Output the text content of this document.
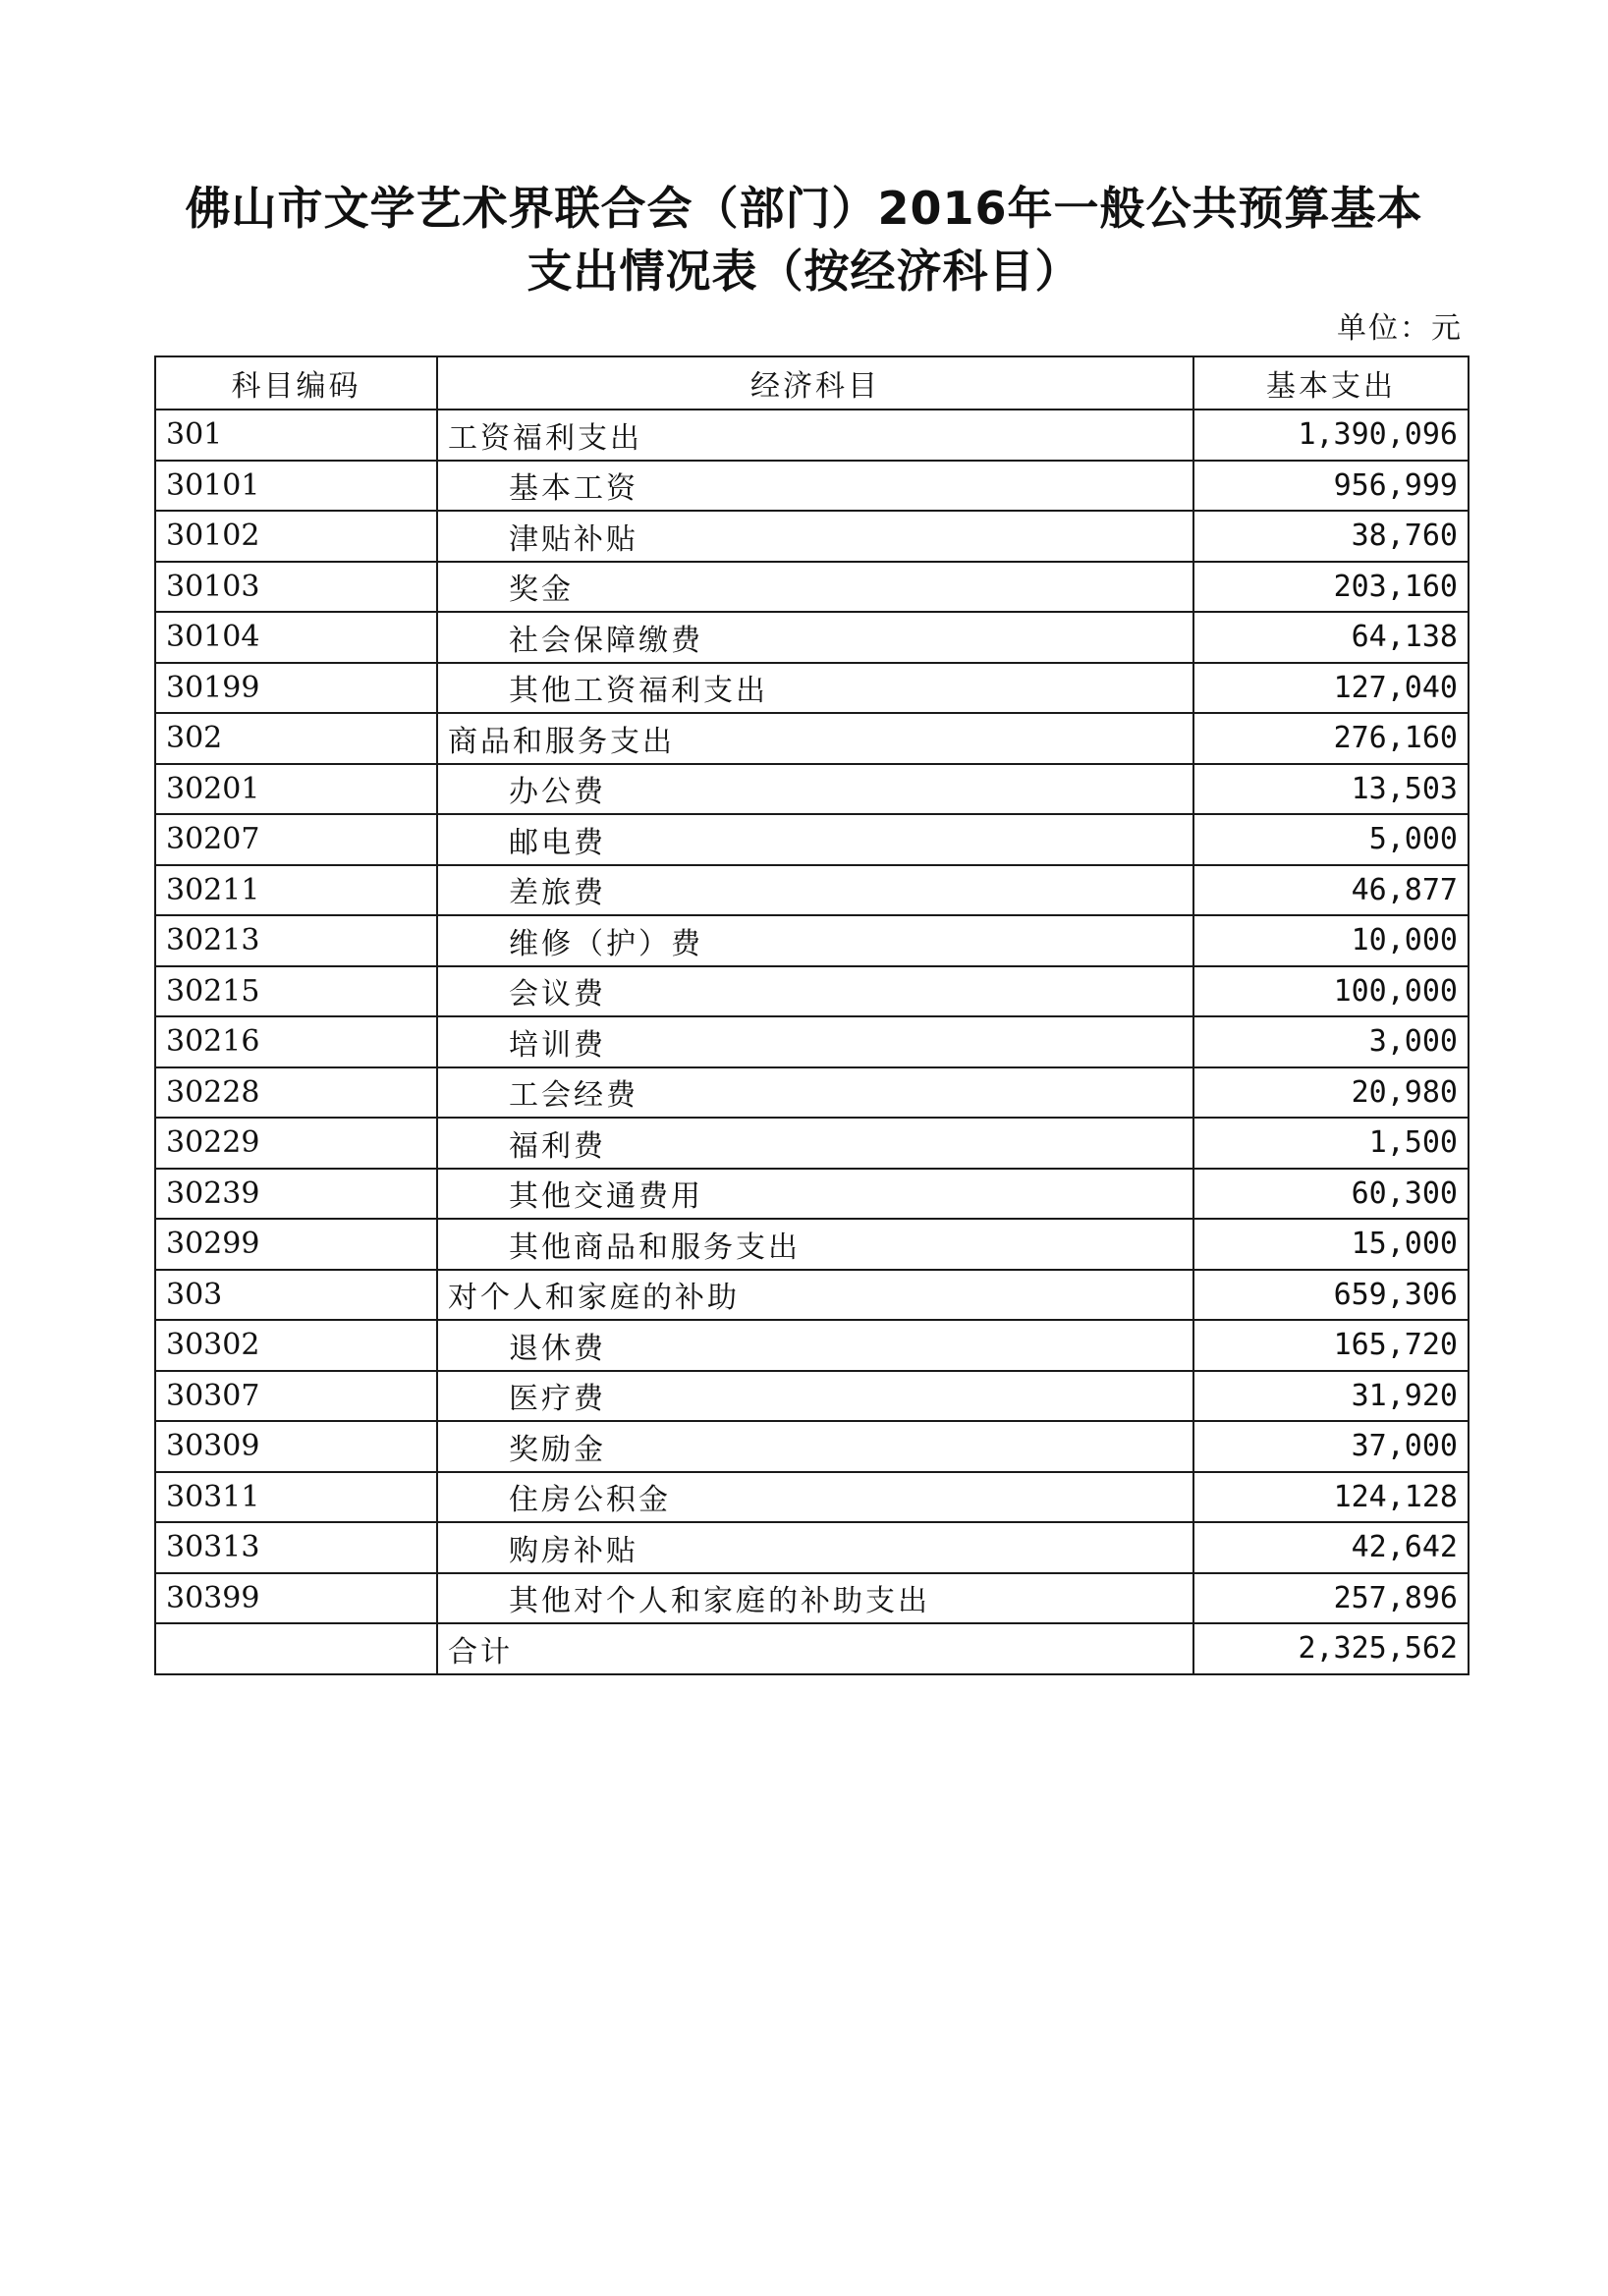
佛山市文学艺术界联合会（部门）2016年一般公共预算基本
支出情况表（按经济科目）
单位：元
科目编码	经济科目	基本支出
301	工资福利支出	1,390,096
30101	基本工资	956,999
30102	津贴补贴	38,760
30103	奖金	203,160
30104	社会保障缴费	64,138
30199	其他工资福利支出	127,040
302	商品和服务支出	276,160
30201	办公费	13,503
30207	邮电费	5,000
30211	差旅费	46,877
30213	维修（护）费	10,000
30215	会议费	100,000
30216	培训费	3,000
30228	工会经费	20,980
30229	福利费	1,500
30239	其他交通费用	60,300
30299	其他商品和服务支出	15,000
303	对个人和家庭的补助	659,306
30302	退休费	165,720
30307	医疗费	31,920
30309	奖励金	37,000
30311	住房公积金	124,128
30313	购房补贴	42,642
30399	其他对个人和家庭的补助支出	257,896
	合计	2,325,562
